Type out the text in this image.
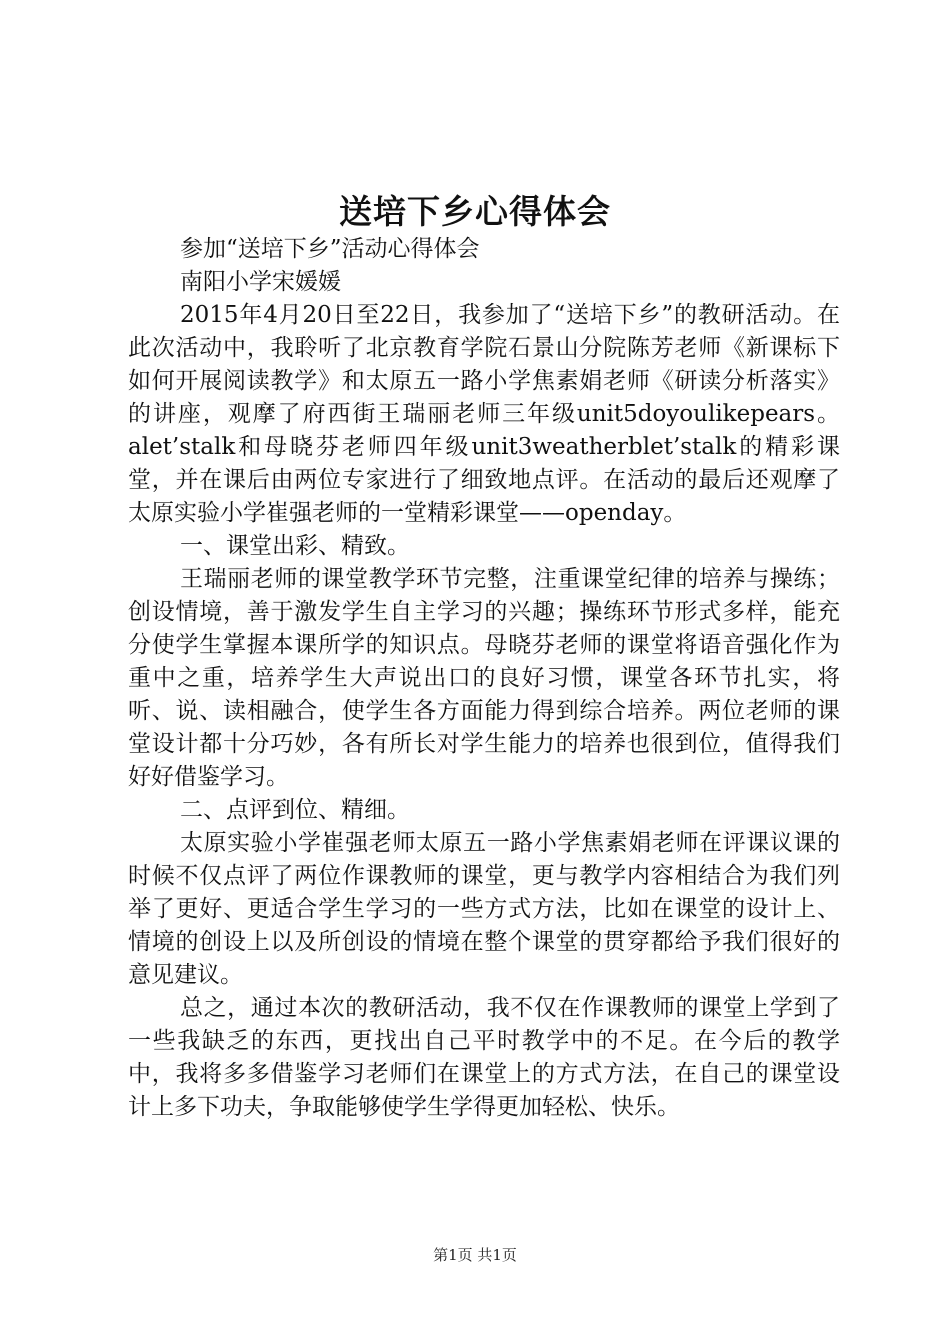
送培下乡心得体会

参加“送培下乡”活动心得体会

南阳小学宋媛媛

2015年4月20日至22日，我参加了“送培下乡”的教研活动。在此次活动中，我聆听了北京教育学院石景山分院陈芳老师《新课标下如何开展阅读教学》和太原五一路小学焦素娟老师《研读分析落实》的讲座，观摩了府西街王瑞丽老师三年级unit5doyoulikepears。alet’stalk和母晓芬老师四年级unit3weatherblet’stalk的精彩课堂，并在课后由两位专家进行了细致地点评。在活动的最后还观摩了太原实验小学崔强老师的一堂精彩课堂——openday。

一、课堂出彩、精致。

王瑞丽老师的课堂教学环节完整，注重课堂纪律的培养与操练；创设情境，善于激发学生自主学习的兴趣；操练环节形式多样，能充分使学生掌握本课所学的知识点。母晓芬老师的课堂将语音强化作为重中之重，培养学生大声说出口的良好习惯，课堂各环节扎实，将听、说、读相融合，使学生各方面能力得到综合培养。两位老师的课堂设计都十分巧妙，各有所长对学生能力的培养也很到位，值得我们好好借鉴学习。

二、点评到位、精细。

太原实验小学崔强老师太原五一路小学焦素娟老师在评课议课的时候不仅点评了两位作课教师的课堂，更与教学内容相结合为我们列举了更好、更适合学生学习的一些方式方法，比如在课堂的设计上、情境的创设上以及所创设的情境在整个课堂的贯穿都给予我们很好的意见建议。

总之，通过本次的教研活动，我不仅在作课教师的课堂上学到了一些我缺乏的东西，更找出自己平时教学中的不足。在今后的教学中，我将多多借鉴学习老师们在课堂上的方式方法，在自己的课堂设计上多下功夫，争取能够使学生学得更加轻松、快乐。

第1页 共1页
